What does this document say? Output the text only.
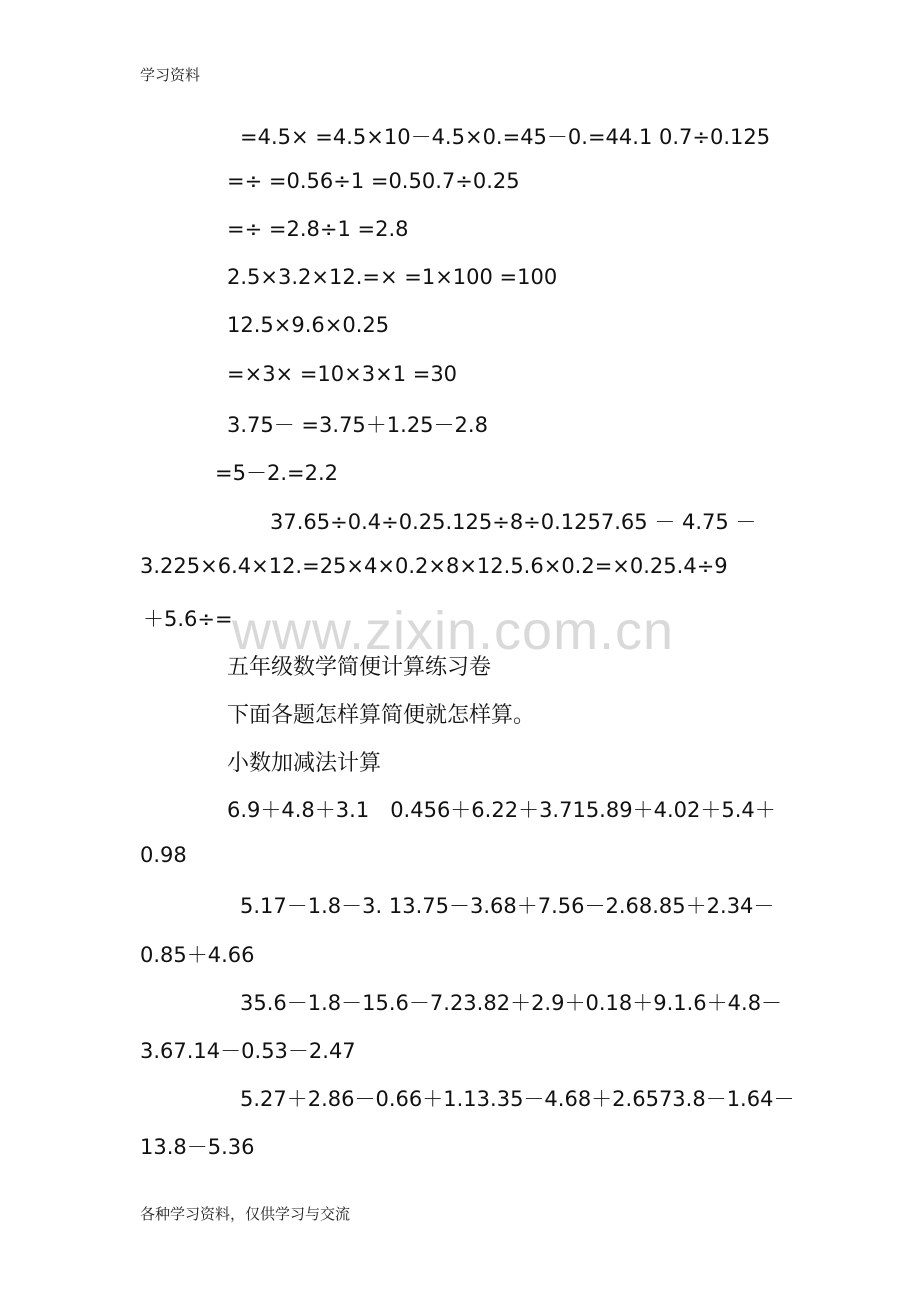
学习资料
www.zixin.com.cn
=4.5× =4.5×10－4.5×0.=45－0.=44.1 0.7÷0.125
=÷ =0.56÷1 =0.50.7÷0.25
=÷ =2.8÷1 =2.8
2.5×3.2×12.=× =1×100 =100
12.5×9.6×0.25
=×3× =10×3×1 =30
3.75－ =3.75＋1.25－2.8
=5－2.=2.2
37.65÷0.4÷0.25.125÷8÷0.1257.65 － 4.75 －
3.225×6.4×12.=25×4×0.2×8×12.5.6×0.2=×0.25.4÷9
＋5.6÷=
五年级数学简便计算练习卷
下面各题怎样算简便就怎样算。
小数加减法计算
6.9＋4.8＋3.1　0.456＋6.22＋3.715.89＋4.02＋5.4＋
0.98
5.17－1.8－3. 13.75－3.68＋7.56－2.68.85＋2.34－
0.85＋4.66
35.6－1.8－15.6－7.23.82＋2.9＋0.18＋9.1.6＋4.8－
3.67.14－0.53－2.47
5.27＋2.86－0.66＋1.13.35－4.68＋2.6573.8－1.64－
13.8－5.36
各种学习资料，仅供学习与交流
